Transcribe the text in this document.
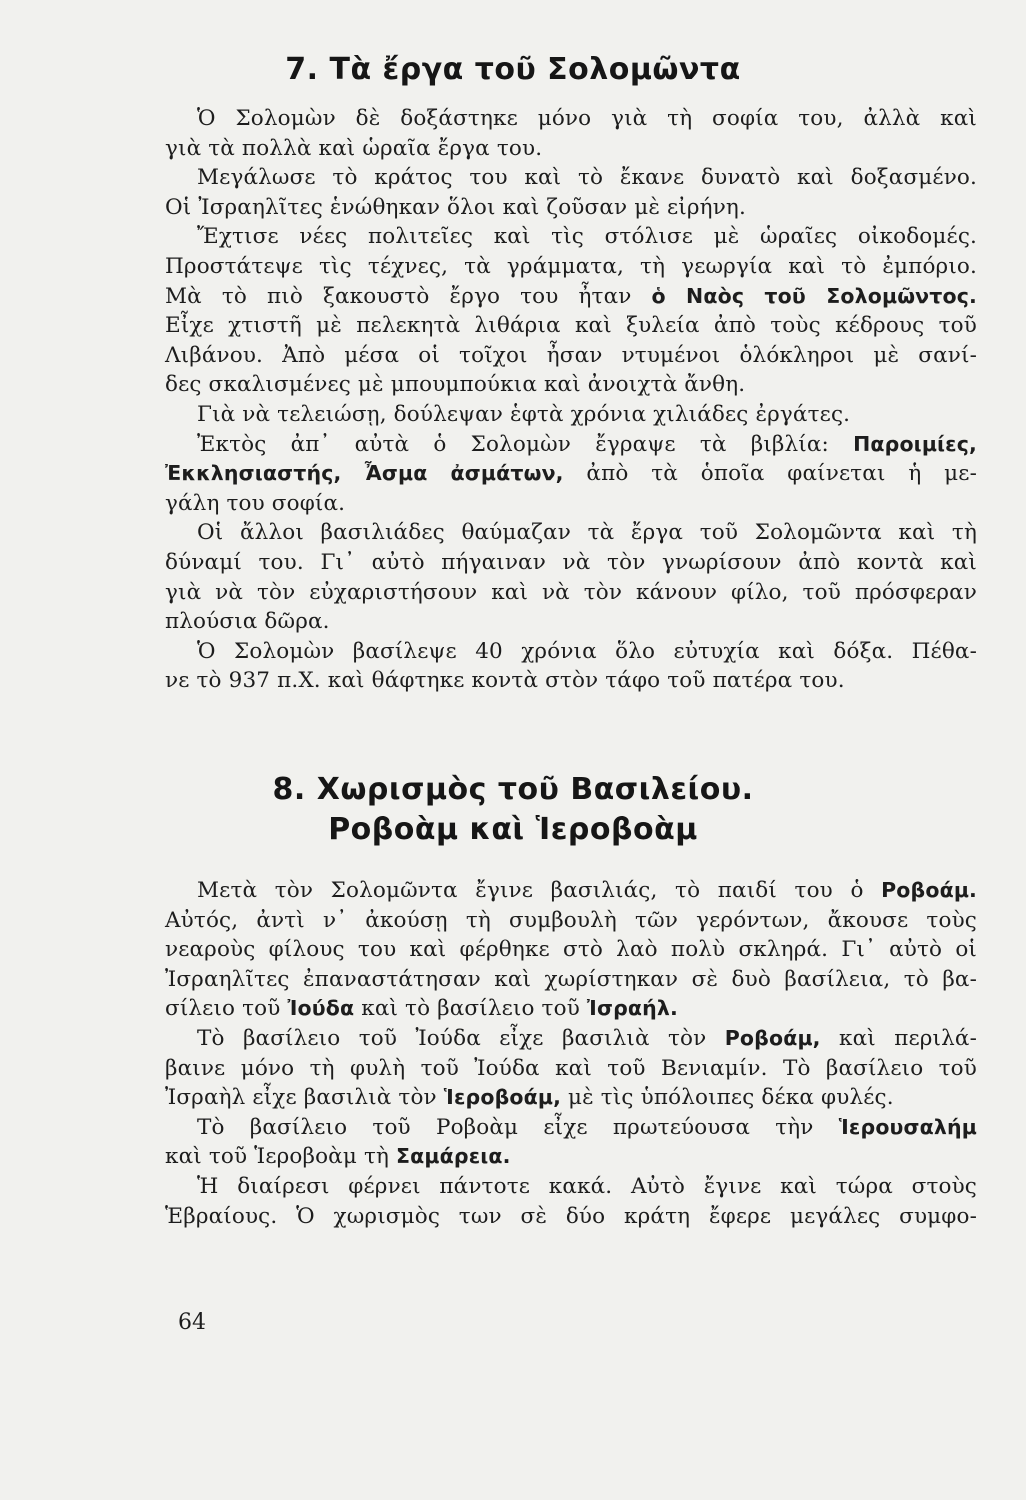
7. Τὰ ἔργα τοῦ Σολομῶντα
Ὁ Σολομὼν δὲ δοξάστηκε μόνο γιὰ τὴ σοφία του, ἀλλὰ καὶ
γιὰ τὰ πολλὰ καὶ ὡραῖα ἔργα του.
Μεγάλωσε τὸ κράτος του καὶ τὸ ἔκανε δυνατὸ καὶ δοξασμένο.
Οἱ Ἰσραηλῖτες ἑνώθηκαν ὅλοι καὶ ζοῦσαν μὲ εἰρήνη.
Ἔχτισε νέες πολιτεῖες καὶ τὶς στόλισε μὲ ὡραῖες οἰκοδομές.
Προστάτεψε τὶς τέχνες, τὰ γράμματα, τὴ γεωργία καὶ τὸ ἐμπόριο.
Μὰ τὸ πιὸ ξακουστὸ ἔργο του ἦταν ὁ Ναὸς τοῦ Σολομῶντος.
Εἶχε χτιστῆ μὲ πελεκητὰ λιθάρια καὶ ξυλεία ἀπὸ τοὺς κέδρους τοῦ
Λιβάνου. Ἀπὸ μέσα οἱ τοῖχοι ἦσαν ντυμένοι ὁλόκληροι μὲ σανί-
δες σκαλισμένες μὲ μπουμπούκια καὶ ἀνοιχτὰ ἄνθη.
Γιὰ νὰ τελειώσῃ, δούλεψαν ἑφτὰ χρόνια χιλιάδες ἐργάτες.
Ἐκτὸς ἀπ᾿ αὐτὰ ὁ Σολομὼν ἔγραψε τὰ βιβλία: Παροιμίες,
Ἐκκλησιαστής, Ἆσμα ἀσμάτων, ἀπὸ τὰ ὁποῖα φαίνεται ἡ με-
γάλη του σοφία.
Οἱ ἄλλοι βασιλιάδες θαύμαζαν τὰ ἔργα τοῦ Σολομῶντα καὶ τὴ
δύναμί του. Γι᾿ αὐτὸ πήγαιναν νὰ τὸν γνωρίσουν ἀπὸ κοντὰ καὶ
γιὰ νὰ τὸν εὐχαριστήσουν καὶ νὰ τὸν κάνουν φίλο, τοῦ πρόσφεραν
πλούσια δῶρα.
Ὁ Σολομὼν βασίλεψε 40 χρόνια ὅλο εὐτυχία καὶ δόξα. Πέθα-
νε τὸ 937 π.Χ. καὶ θάφτηκε κοντὰ στὸν τάφο τοῦ πατέρα του.
8. Χωρισμὸς τοῦ Βασιλείου.
Ροβοὰμ καὶ Ἱεροβοὰμ
Μετὰ τὸν Σολομῶντα ἔγινε βασιλιάς, τὸ παιδί του ὁ Ροβοάμ.
Αὐτός, ἀντὶ ν᾿ ἀκούσῃ τὴ συμβουλὴ τῶν γερόντων, ἄκουσε τοὺς
νεαροὺς φίλους του καὶ φέρθηκε στὸ λαὸ πολὺ σκληρά. Γι᾿ αὐτὸ οἱ
Ἰσραηλῖτες ἐπαναστάτησαν καὶ χωρίστηκαν σὲ δυὸ βασίλεια, τὸ βα-
σίλειο τοῦ Ἰούδα καὶ τὸ βασίλειο τοῦ Ἰσραήλ.
Τὸ βασίλειο τοῦ Ἰούδα εἶχε βασιλιὰ τὸν Ροβοάμ, καὶ περιλά-
βαινε μόνο τὴ φυλὴ τοῦ Ἰούδα καὶ τοῦ Βενιαμίν. Τὸ βασίλειο τοῦ
Ἰσραὴλ εἶχε βασιλιὰ τὸν Ἱεροβοάμ, μὲ τὶς ὑπόλοιπες δέκα φυλές.
Τὸ βασίλειο τοῦ Ροβοὰμ εἶχε πρωτεύουσα τὴν Ἱερουσαλήμ
καὶ τοῦ Ἱεροβοὰμ τὴ Σαμάρεια.
Ἡ διαίρεσι φέρνει πάντοτε κακά. Αὐτὸ ἔγινε καὶ τώρα στοὺς
Ἑβραίους. Ὁ χωρισμὸς των σὲ δύο κράτη ἔφερε μεγάλες συμφο-
64
